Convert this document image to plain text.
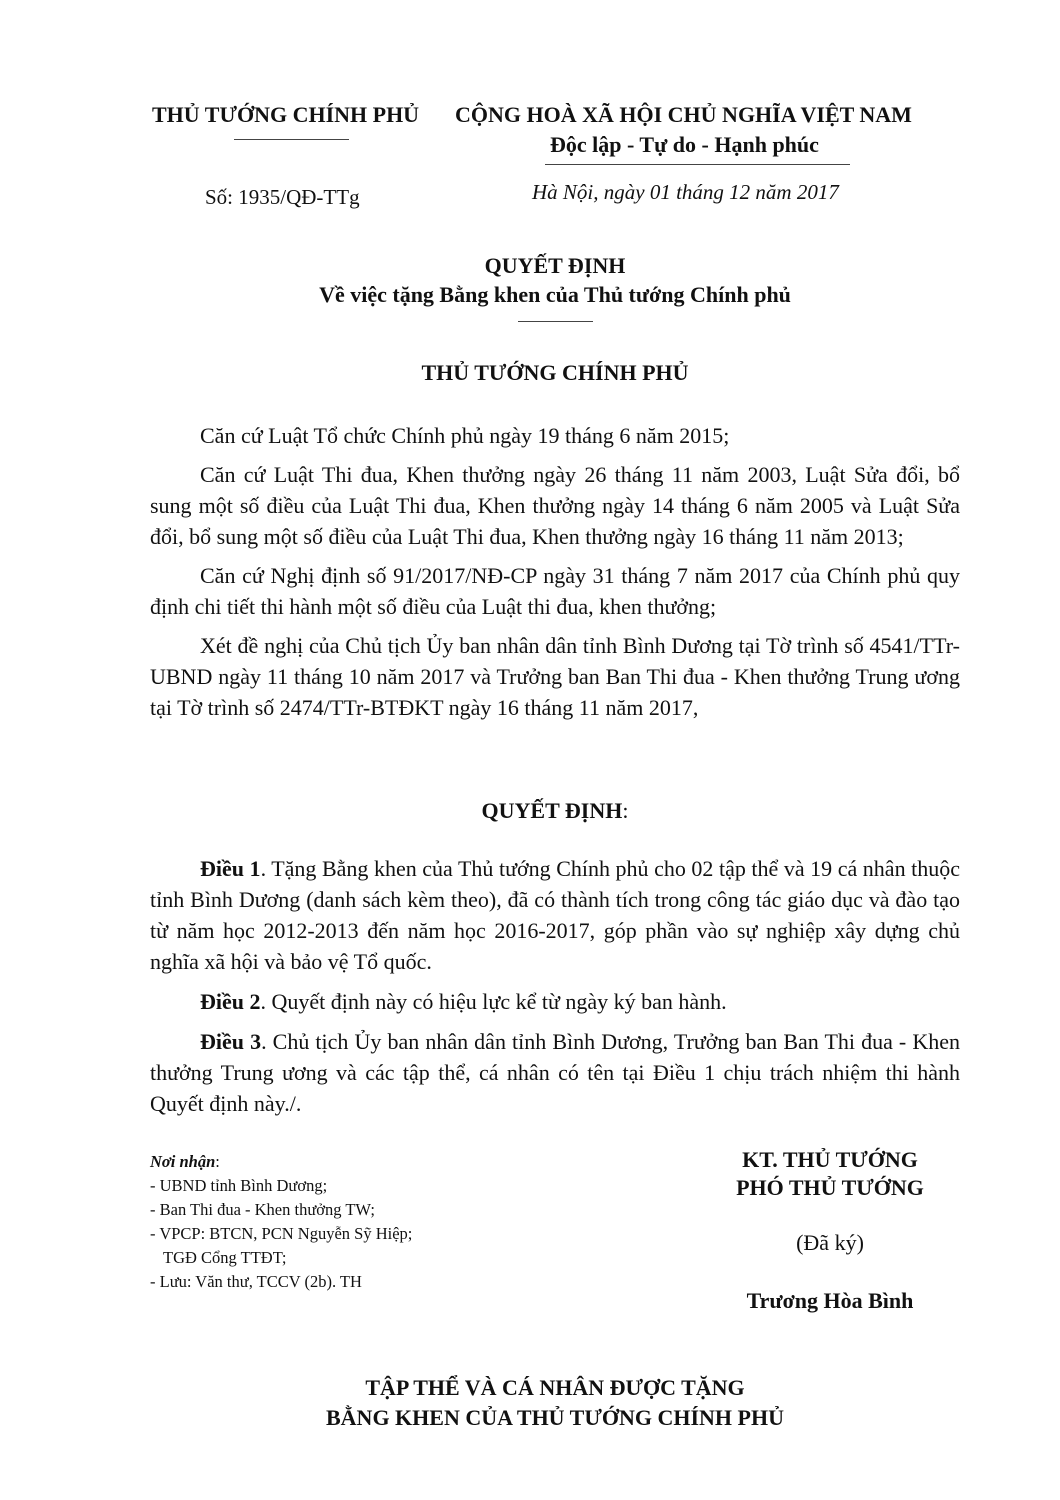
THỦ TƯỚNG CHÍNH PHỦ CỘNG HOÀ XÃ HỘI CHỦ NGHĨA VIỆT NAM
Độc lập - Tự do - Hạnh phúc
Số: 1935/QĐ-TTg	Hà Nội, ngày 01 tháng 12 năm 2017
QUYẾT ĐỊNH
Về việc tặng Bằng khen của Thủ tướng Chính phủ
THỦ TƯỚNG CHÍNH PHỦ

Căn cứ Luật Tổ chức Chính phủ ngày 19 tháng 6 năm 2015;

Căn cứ Luật Thi đua, Khen thưởng ngày 26 tháng 11 năm 2003, Luật Sửa đổi, bổ sung một số điều của Luật Thi đua, Khen thưởng ngày 14 tháng 6 năm 2005 và Luật Sửa đổi, bổ sung một số điều của Luật Thi đua, Khen thưởng ngày 16 tháng 11 năm 2013;

Căn cứ Nghị định số 91/2017/NĐ-CP ngày 31 tháng 7 năm 2017 của Chính phủ quy định chi tiết thi hành một số điều của Luật thi đua, khen thưởng;

Xét đề nghị của Chủ tịch Ủy ban nhân dân tỉnh Bình Dương tại Tờ trình số 4541/TTr-UBND ngày 11 tháng 10 năm 2017 và Trưởng ban Ban Thi đua - Khen thưởng Trung ương tại Tờ trình số 2474/TTr-BTĐKT ngày 16 tháng 11 năm 2017,

QUYẾT ĐỊNH:

Điều 1. Tặng Bằng khen của Thủ tướng Chính phủ cho 02 tập thể và 19 cá nhân thuộc tỉnh Bình Dương (danh sách kèm theo), đã có thành tích trong công tác giáo dục và đào tạo từ năm học 2012-2013 đến năm học 2016-2017, góp phần vào sự nghiệp xây dựng chủ nghĩa xã hội và bảo vệ Tổ quốc.

Điều 2. Quyết định này có hiệu lực kể từ ngày ký ban hành.

Điều 3. Chủ tịch Ủy ban nhân dân tỉnh Bình Dương, Trưởng ban Ban Thi đua - Khen thưởng Trung ương và các tập thể, cá nhân có tên tại Điều 1 chịu trách nhiệm thi hành Quyết định này./.

Nơi nhận:
- UBND tỉnh Bình Dương;
- Ban Thi đua - Khen thưởng TW;
- VPCP: BTCN, PCN Nguyễn Sỹ Hiệp;
TGĐ Cổng TTĐT;
- Lưu: Văn thư, TCCV (2b). TH
KT. THỦ TƯỚNG
PHÓ THỦ TƯỚNG
(Đã ký)
Trương Hòa Bình
TẬP THỂ VÀ CÁ NHÂN ĐƯỢC TẶNG
BẰNG KHEN CỦA THỦ TƯỚNG CHÍNH PHỦ
